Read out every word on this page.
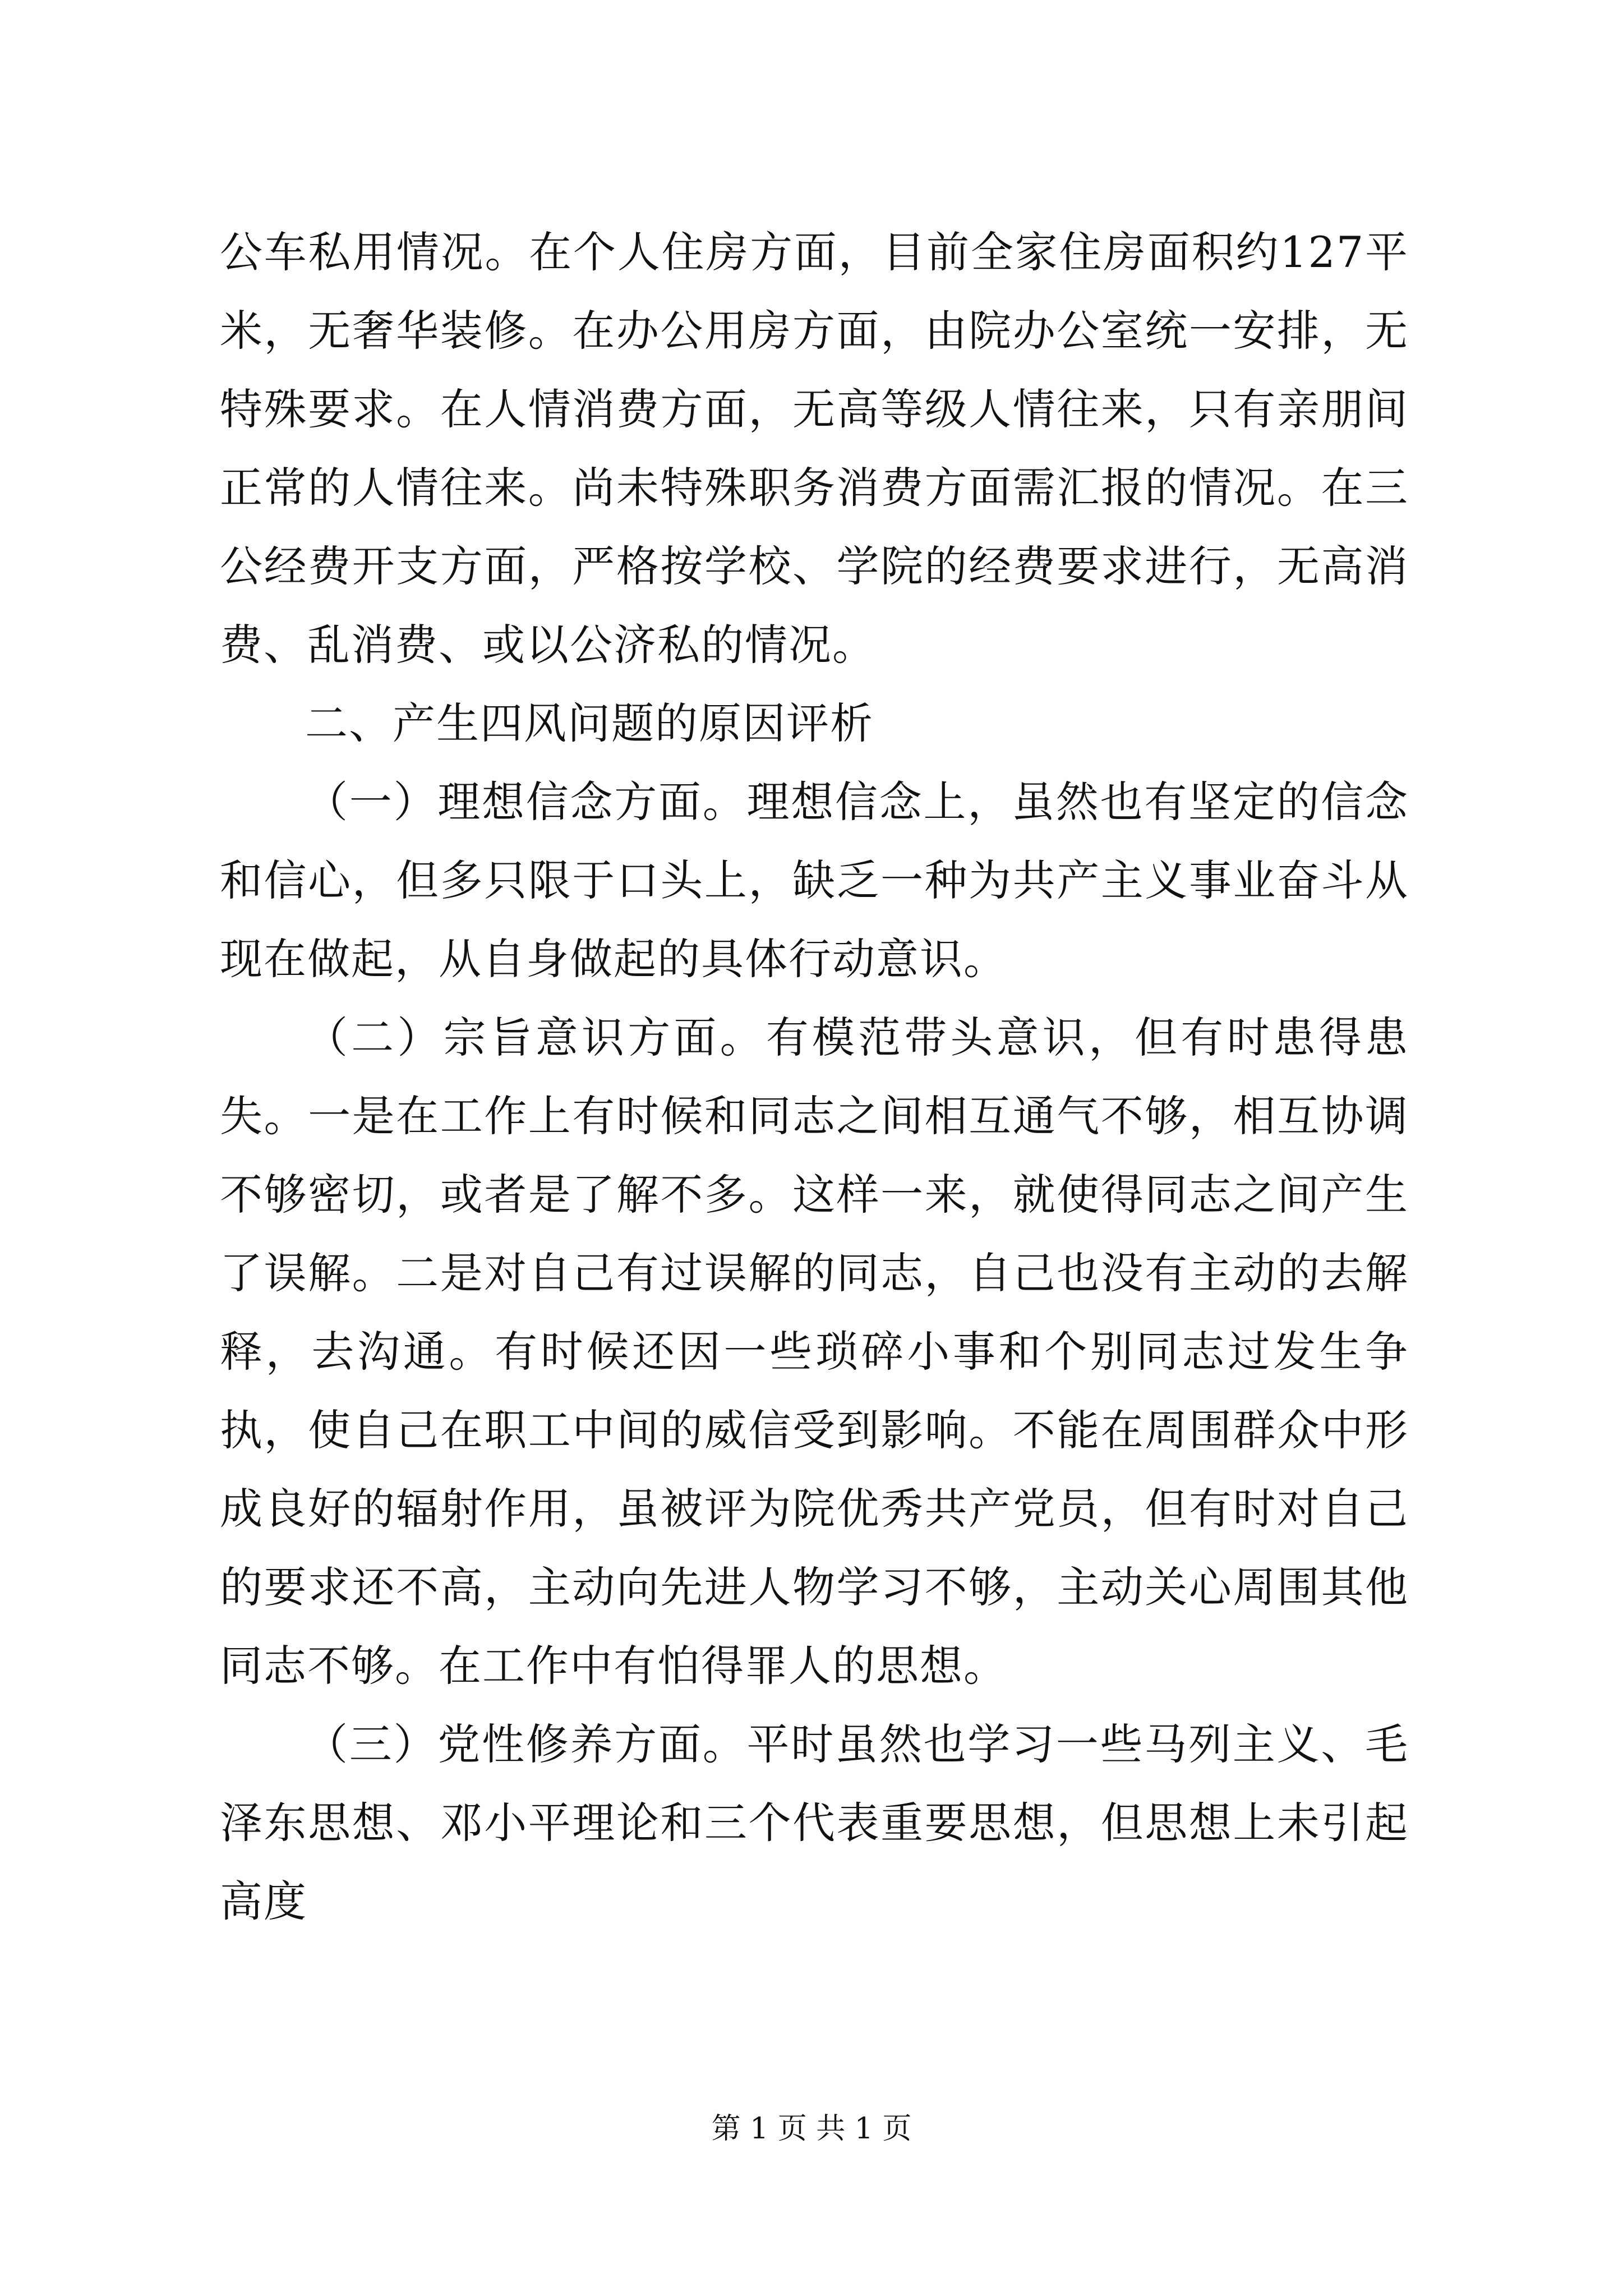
公车私用情况。在个人住房方面，目前全家住房面积约127平米，无奢华装修。在办公用房方面，由院办公室统一安排，无特殊要求。在人情消费方面，无高等级人情往来，只有亲朋间正常的人情往来。尚未特殊职务消费方面需汇报的情况。在三公经费开支方面，严格按学校、学院的经费要求进行，无高消费、乱消费、或以公济私的情况。

二、产生四风问题的原因评析

（一）理想信念方面。理想信念上，虽然也有坚定的信念和信心，但多只限于口头上，缺乏一种为共产主义事业奋斗从现在做起，从自身做起的具体行动意识。

（二）宗旨意识方面。有模范带头意识，但有时患得患失。一是在工作上有时候和同志之间相互通气不够，相互协调不够密切，或者是了解不多。这样一来，就使得同志之间产生了误解。二是对自己有过误解的同志，自己也没有主动的去解释，去沟通。有时候还因一些琐碎小事和个别同志过发生争执，使自己在职工中间的威信受到影响。不能在周围群众中形成良好的辐射作用，虽被评为院优秀共产党员，但有时对自己的要求还不高，主动向先进人物学习不够，主动关心周围其他同志不够。在工作中有怕得罪人的思想。

（三）党性修养方面。平时虽然也学习一些马列主义、毛泽东思想、邓小平理论和三个代表重要思想，但思想上未引起高度

第 1 页 共 1 页
